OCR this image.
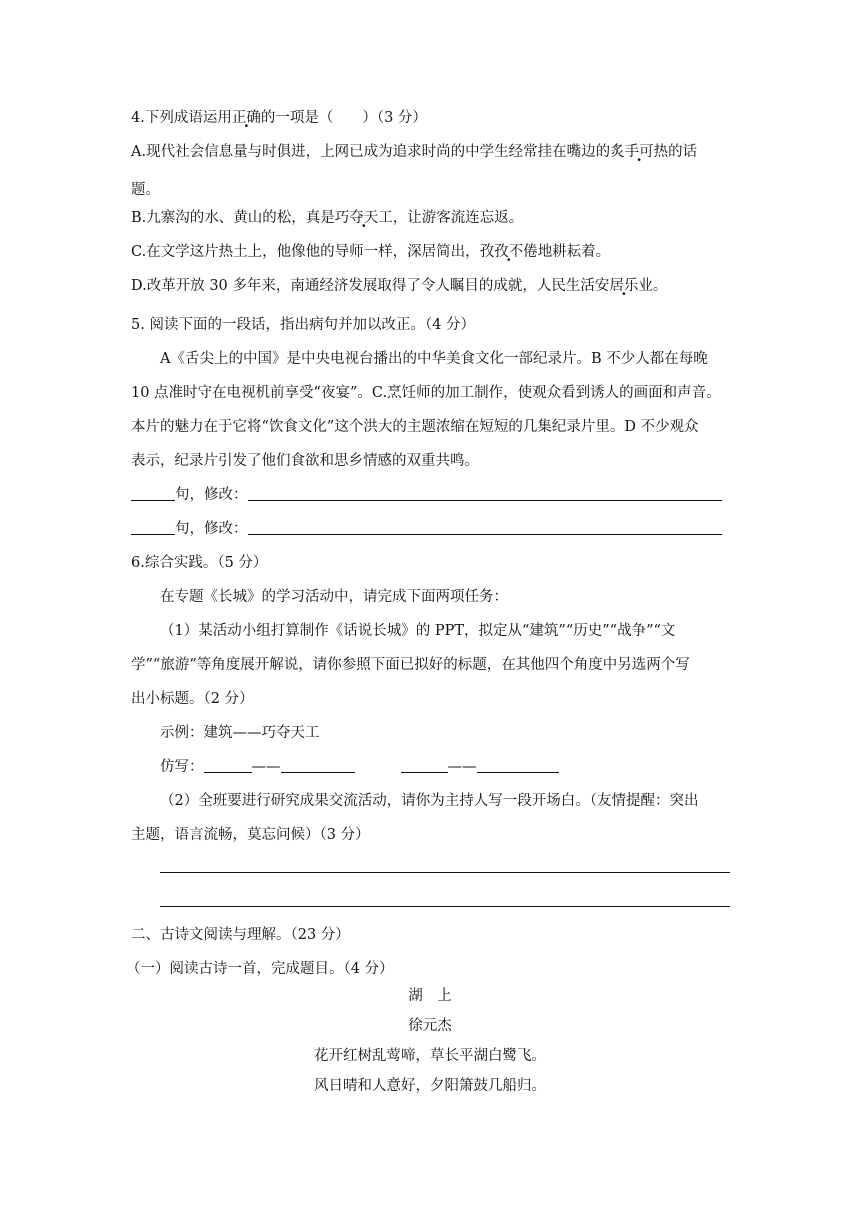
4.下列成语运用正确的一项是（　　）（3 分）
A.现代社会信息量与时俱进，上网已成为追求时尚的中学生经常挂在嘴边的炙手可热的话
题。
B.九寨沟的水、黄山的松，真是巧夺天工，让游客流连忘返。
C.在文学这片热土上，他像他的导师一样，深居简出，孜孜不倦地耕耘着。
D.改革开放 30 多年来，南通经济发展取得了令人瞩目的成就，人民生活安居乐业。
5. 阅读下面的一段话，指出病句并加以改正。（4 分）
A《舌尖上的中国》是中央电视台播出的中华美食文化一部纪录片。B 不少人都在每晚
10 点准时守在电视机前享受“夜宴”。C.烹饪师的加工制作，使观众看到诱人的画面和声音。
本片的魅力在于它将“饮食文化”这个洪大的主题浓缩在短短的几集纪录片里。D 不少观众
表示，纪录片引发了他们食欲和思乡情感的双重共鸣。
句，修改：
句，修改：
6.综合实践。（5 分）
在专题《长城》的学习活动中，请完成下面两项任务：
（1）某活动小组打算制作《话说长城》的 PPT，拟定从“建筑”“历史”“战争”“文
学”“旅游”等角度展开解说，请你参照下面已拟好的标题，在其他四个角度中另选两个写
出小标题。（2 分）
示例：建筑——巧夺天工
仿写：	——	——
（2）全班要进行研究成果交流活动，请你为主持人写一段开场白。（友情提醒：突出
主题，语言流畅，莫忘问候）（3 分）
二、古诗文阅读与理解。（23 分）
（一）阅读古诗一首，完成题目。（4 分）
湖　上
徐元杰
花开红树乱莺啼，草长平湖白鹭飞。
风日晴和人意好，夕阳箫鼓几船归。
